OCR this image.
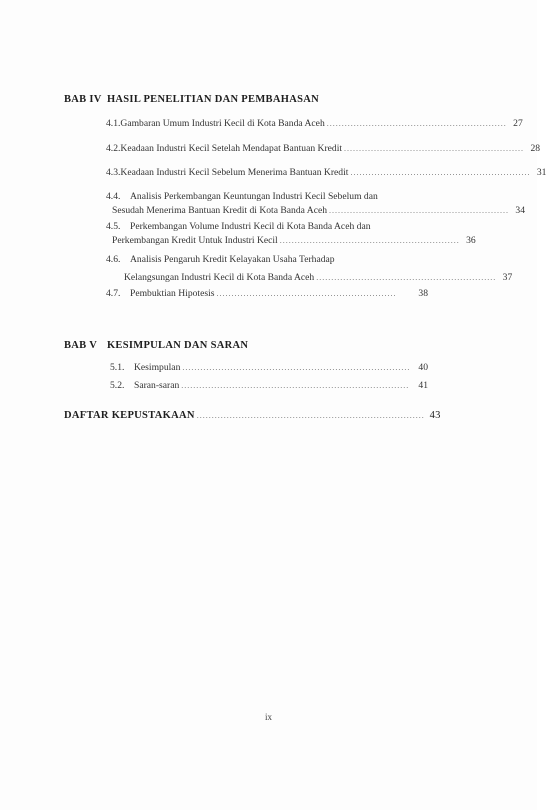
BAB IV HASIL PENELITIAN DAN PEMBAHASAN
4.1. Gambaran Umum Industri Kecil di Kota Banda Aceh ............................................................ 27
4.2. Keadaan Industri Kecil Setelah Mendapat Bantuan Kredit ............................................................ 28
4.3. Keadaan Industri Kecil Sebelum Menerima Bantuan Kredit ............................................................ 31
4.4.	Analisis Perkembangan Keuntungan Industri Kecil Sebelum dan
Sesudah Menerima Bantuan Kredit di Kota Banda Aceh ............................................................ 34
4.5.	Perkembangan Volume Industri Kecil di Kota Banda Aceh dan
Perkembangan Kredit Untuk Industri Kecil ............................................................ 36
4.6.	Analisis Pengaruh Kredit Kelayakan Usaha Terhadap
Kelangsungan Industri Kecil di Kota Banda Aceh ............................................................ 37
4.7.	Pembuktian Hipotesis ............................................................	38
BAB V KESIMPULAN DAN SARAN
5.1.	Kesimpulan ............................................................................ 40
5.2.	Saran-saran ............................................................................ 41
DAFTAR KEPUSTAKAAN ............................................................................ 43
ix
